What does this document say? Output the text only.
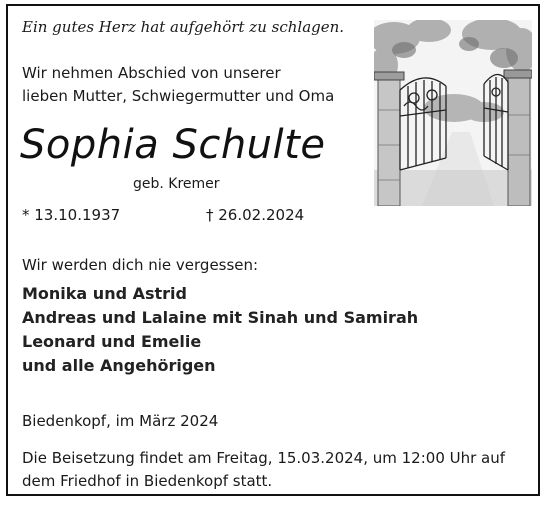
Ein gutes Herz hat aufgehört zu schlagen.
Wir nehmen Abschied von unserer
lieben Mutter, Schwiegermutter und Oma
Sophia Schulte
geb. Kremer
* 13.10.1937	† 26.02.2024
Wir werden dich nie vergessen:
Monika und Astrid
Andreas und Lalaine mit Sinah und Samirah
Leonard und Emelie
und alle Angehörigen
Biedenkopf, im März 2024
Die Beisetzung findet am Freitag, 15.03.2024, um 12:00 Uhr auf
dem Friedhof in Biedenkopf statt.
